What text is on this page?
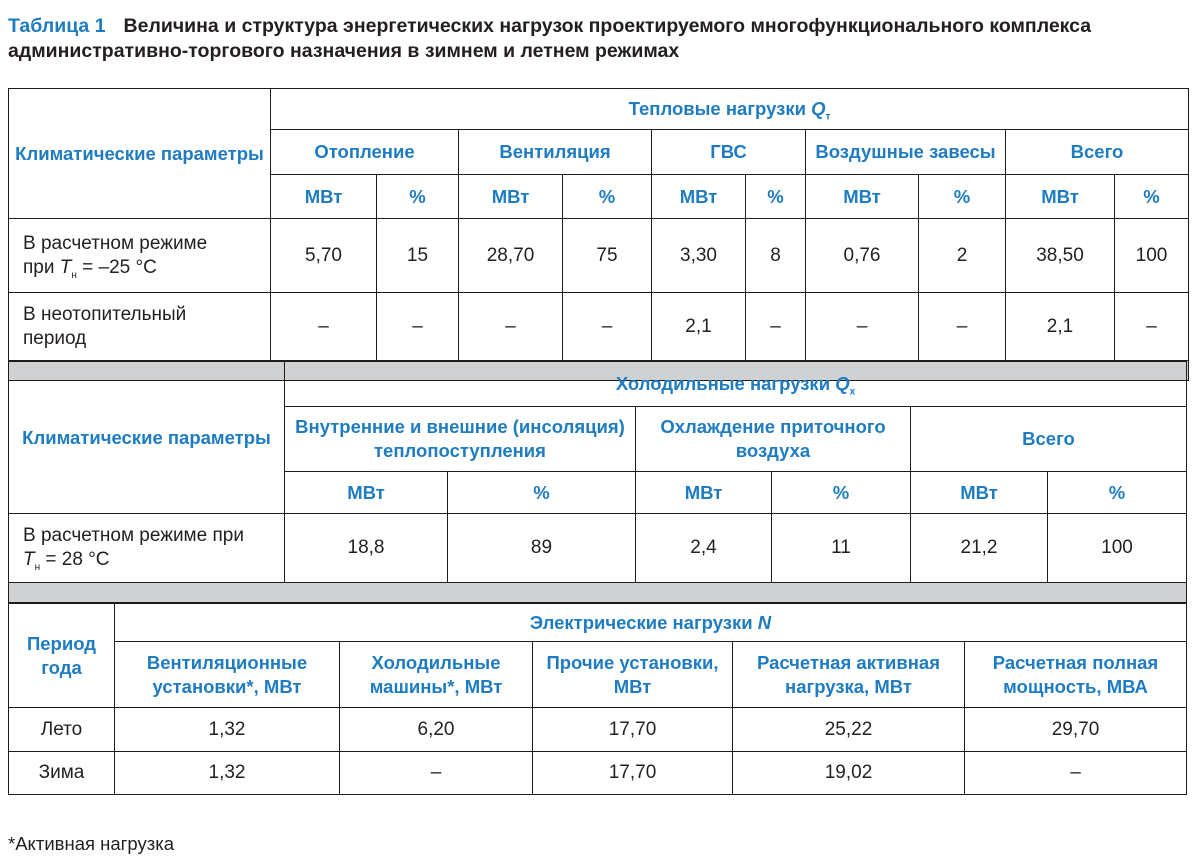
Таблица 1 Величина и структура энергетических нагрузок проектируемого многофункционального комплекса административно-торгового назначения в зимнем и летнем режимах
Климатические параметры	Тепловые нагрузки $Q_т$
	Отопление		Вентиляция		ГВС		Воздушные завесы		Всего	
	МВт	%	МВт	%	МВт	%	МВт	%	МВт	%
В расчетном режиме
при $T_н = -25$ °С	5,70	15	28,70	75	3,30	8	0,76	2	38,50	100
В неотопительный
период	–	–	–	–	2,1	–	–	–	2,1	–

Климатические параметры	Холодильные нагрузки $Q_х$
	Внутренние и внешние (инсоляция) теплопоступления		Охлаждение приточного воздуха		Всего	
	МВт	%	МВт	%	МВт	%
В расчетном режиме при
$T_н = 28$ °С	18,8	89	2,4	11	21,2	100

Период года	Электрические нагрузки N				
	Вентиляционные установки*, МВт	Холодильные машины*, МВт	Прочие установки, МВт	Расчетная активная нагрузка, МВт	Расчетная полная мощность, МВА
Лето	1,32	6,20	17,70	25,22	29,70
Зима	1,32	–	17,70	19,02	–
*Активная нагрузка
